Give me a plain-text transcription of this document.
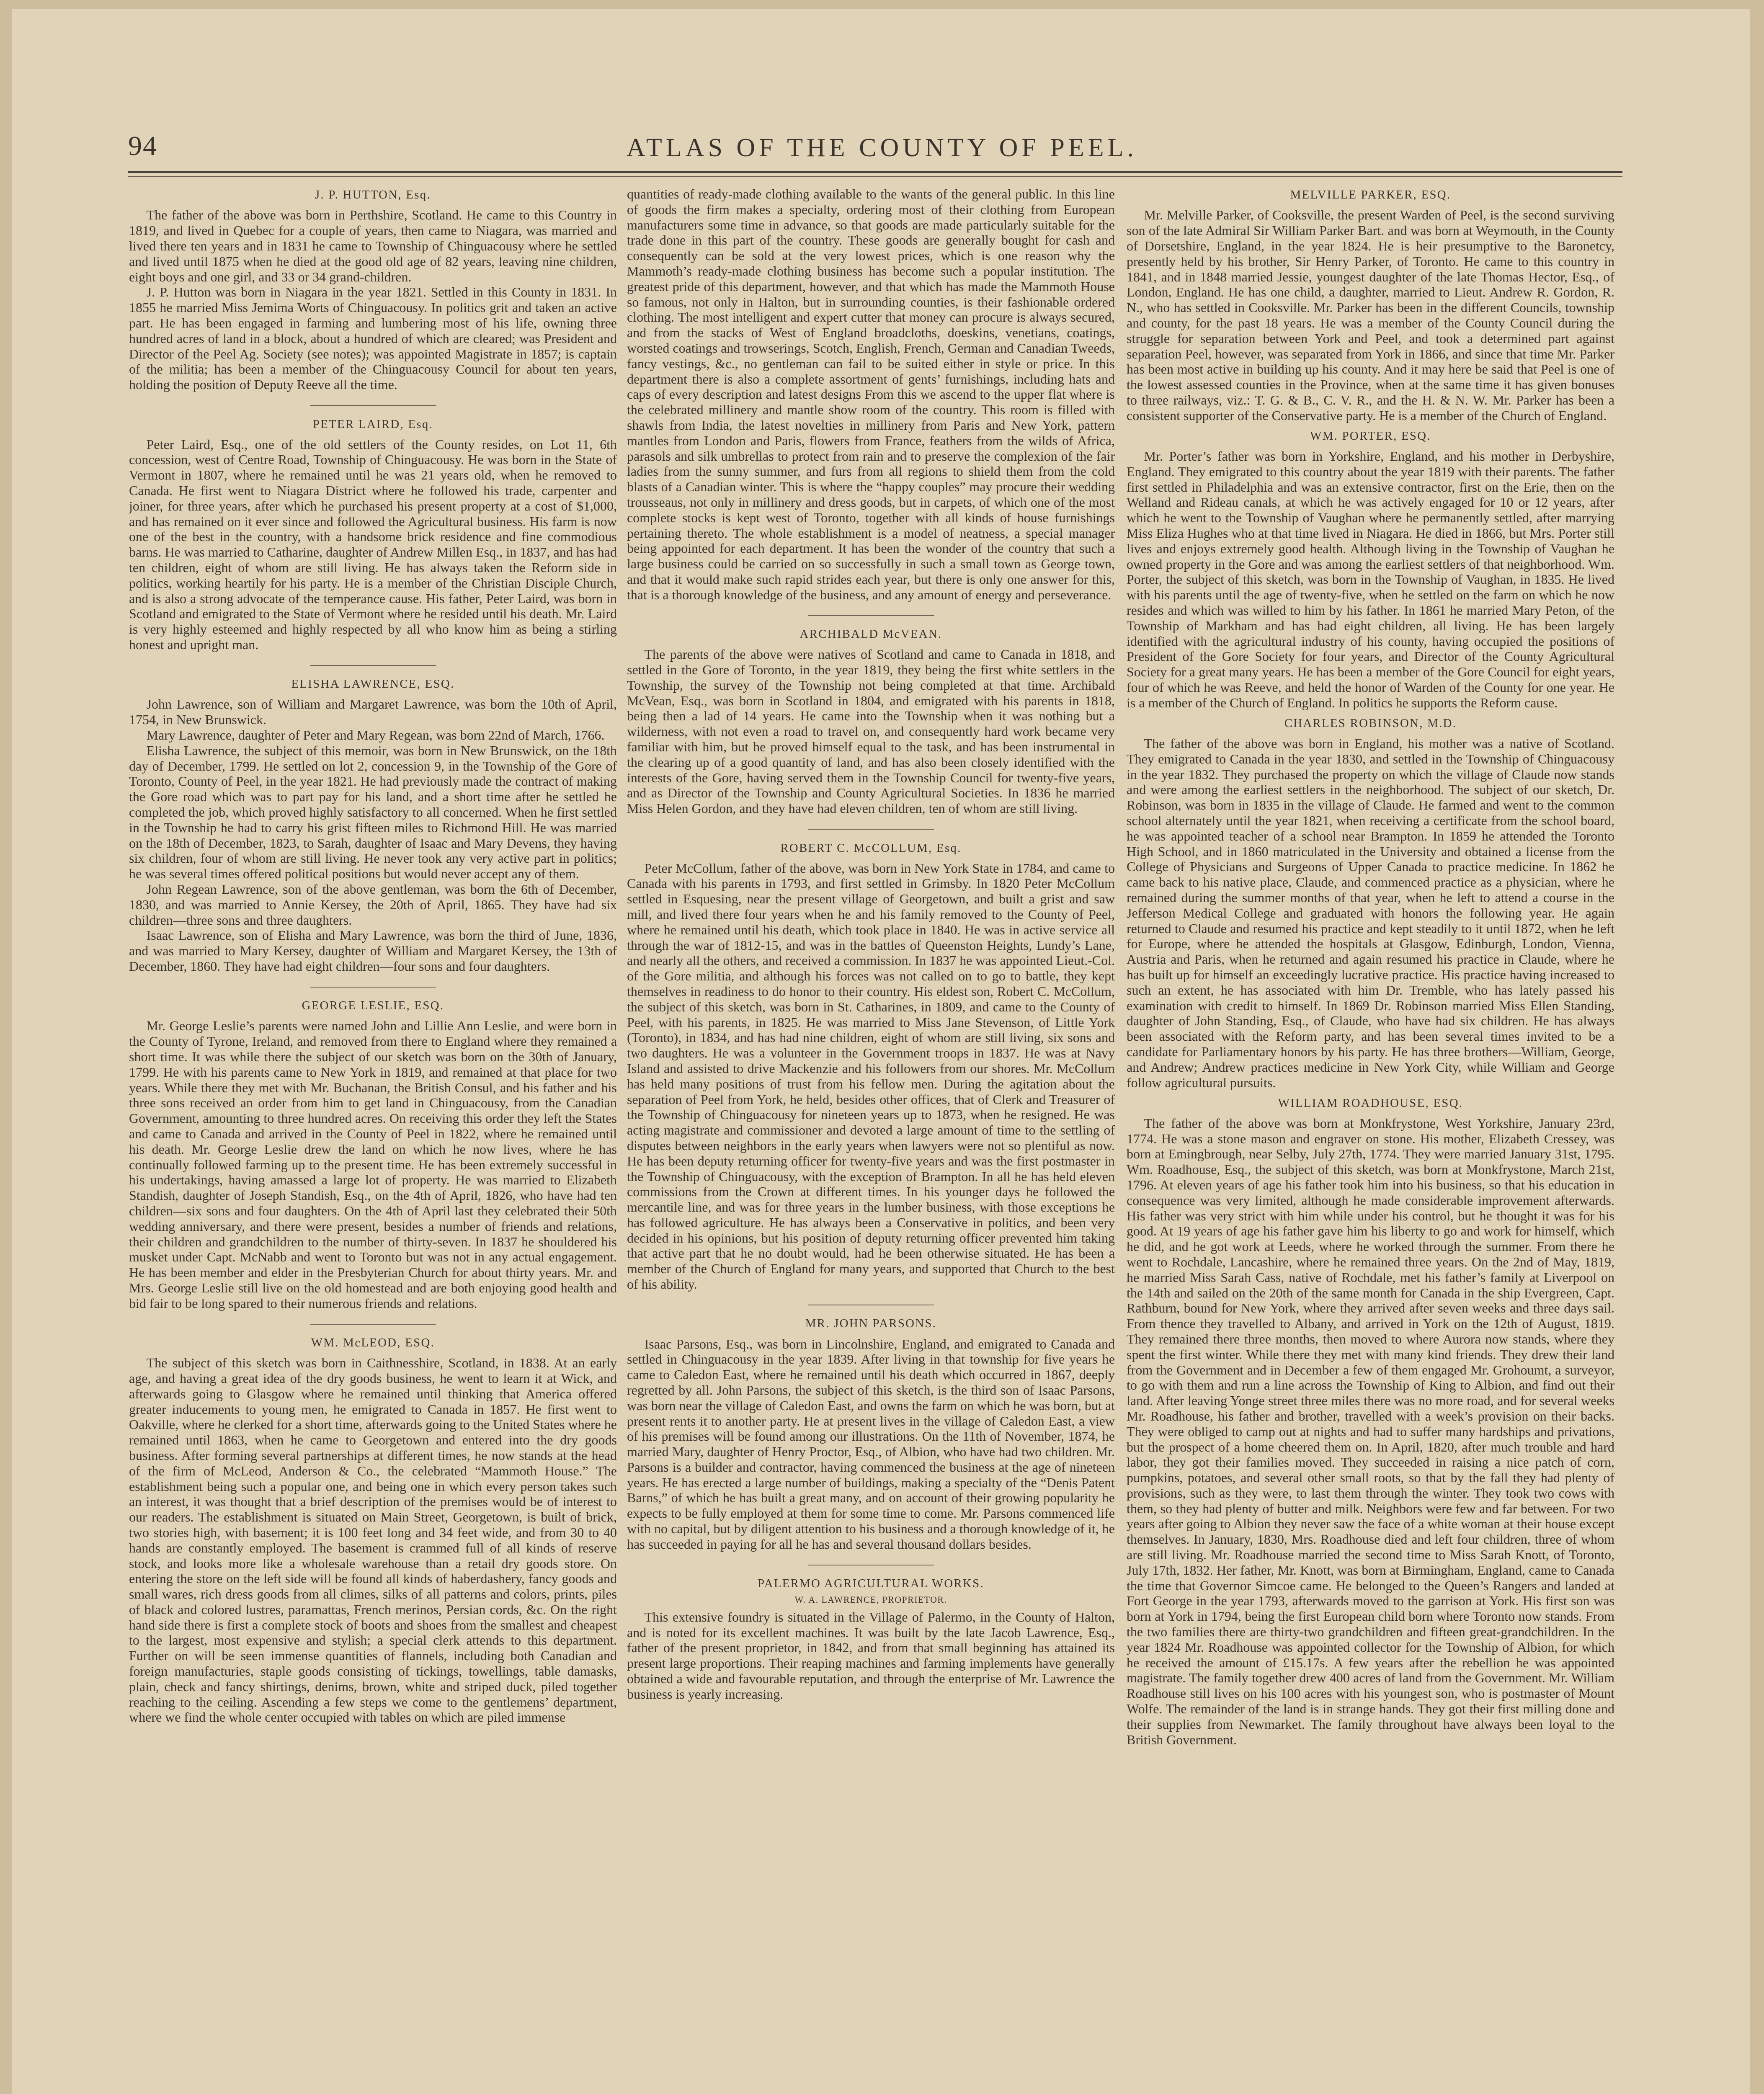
94	ATLAS OF THE COUNTY OF PEEL.
J. P. HUTTON, Esq.

The father of the above was born in Perthshire, Scotland. He came to this Country in 1819, and lived in Quebec for a couple of years, then came to Niagara, was married and lived there ten years and in 1831 he came to Township of Chinguacousy where he settled and lived until 1875 when he died at the good old age of 82 years, leaving nine children, eight boys and one girl, and 33 or 34 grand-children.

J. P. Hutton was born in Niagara in the year 1821. Settled in this County in 1831. In 1855 he married Miss Jemima Worts of Chinguacousy. In politics grit and taken an active part. He has been engaged in farming and lumbering most of his life, owning three hundred acres of land in a block, about a hundred of which are cleared; was President and Director of the Peel Ag. Society (see notes); was appointed Magistrate in 1857; is captain of the militia; has been a member of the Chinguacousy Council for about ten years, holding the position of Deputy Reeve all the time.

PETER LAIRD, Esq.

Peter Laird, Esq., one of the old settlers of the County resides, on Lot 11, 6th concession, west of Centre Road, Township of Chinguacousy. He was born in the State of Vermont in 1807, where he remained until he was 21 years old, when he removed to Canada. He first went to Niagara District where he followed his trade, carpenter and joiner, for three years, after which he purchased his present property at a cost of $1,000, and has remained on it ever since and followed the Agricultural business. His farm is now one of the best in the country, with a handsome brick residence and fine commodious barns. He was married to Catharine, daughter of Andrew Millen Esq., in 1837, and has had ten children, eight of whom are still living. He has always taken the Reform side in politics, working heartily for his party. He is a member of the Christian Disciple Church, and is also a strong advocate of the temperance cause. His father, Peter Laird, was born in Scotland and emigrated to the State of Vermont where he resided until his death. Mr. Laird is very highly esteemed and highly respected by all who know him as being a stirling honest and upright man.

ELISHA LAWRENCE, ESQ.

John Lawrence, son of William and Margaret Lawrence, was born the 10th of April, 1754, in New Brunswick.

Mary Lawrence, daughter of Peter and Mary Regean, was born 22nd of March, 1766.

Elisha Lawrence, the subject of this memoir, was born in New Brunswick, on the 18th day of December, 1799. He settled on lot 2, concession 9, in the Township of the Gore of Toronto, County of Peel, in the year 1821. He had previously made the contract of making the Gore road which was to part pay for his land, and a short time after he settled he completed the job, which proved highly satisfactory to all concerned. When he first settled in the Township he had to carry his grist fifteen miles to Richmond Hill. He was married on the 18th of December, 1823, to Sarah, daughter of Isaac and Mary Devens, they having six children, four of whom are still living. He never took any very active part in politics; he was several times offered political positions but would never accept any of them.

John Regean Lawrence, son of the above gentleman, was born the 6th of December, 1830, and was married to Annie Kersey, the 20th of April, 1865. They have had six children—three sons and three daughters.

Isaac Lawrence, son of Elisha and Mary Lawrence, was born the third of June, 1836, and was married to Mary Kersey, daughter of William and Margaret Kersey, the 13th of December, 1860. They have had eight children—four sons and four daughters.

GEORGE LESLIE, ESQ.

Mr. George Leslie’s parents were named John and Lillie Ann Leslie, and were born in the County of Tyrone, Ireland, and removed from there to England where they remained a short time. It was while there the subject of our sketch was born on the 30th of January, 1799. He with his parents came to New York in 1819, and remained at that place for two years. While there they met with Mr. Buchanan, the British Consul, and his father and his three sons received an order from him to get land in Chinguacousy, from the Canadian Government, amounting to three hundred acres. On receiving this order they left the States and came to Canada and arrived in the County of Peel in 1822, where he remained until his death. Mr. George Leslie drew the land on which he now lives, where he has continually followed farming up to the present time. He has been extremely successful in his undertakings, having amassed a large lot of property. He was married to Elizabeth Standish, daughter of Joseph Standish, Esq., on the 4th of April, 1826, who have had ten children—six sons and four daughters. On the 4th of April last they celebrated their 50th wedding anniversary, and there were present, besides a number of friends and relations, their children and grandchildren to the number of thirty-seven. In 1837 he shouldered his musket under Capt. McNabb and went to Toronto but was not in any actual engagement. He has been member and elder in the Presbyterian Church for about thirty years. Mr. and Mrs. George Leslie still live on the old homestead and are both enjoying good health and bid fair to be long spared to their numerous friends and relations.

WM. McLEOD, ESQ.

The subject of this sketch was born in Caithnesshire, Scotland, in 1838. At an early age, and having a great idea of the dry goods business, he went to learn it at Wick, and afterwards going to Glasgow where he remained until thinking that America offered greater inducements to young men, he emigrated to Canada in 1857. He first went to Oakville, where he clerked for a short time, afterwards going to the United States where he remained until 1863, when he came to Georgetown and entered into the dry goods business. After forming several partnerships at different times, he now stands at the head of the firm of McLeod, Anderson & Co., the celebrated “Mammoth House.” The establishment being such a popular one, and being one in which every person takes such an interest, it was thought that a brief description of the premises would be of interest to our readers. The establishment is situated on Main Street, Georgetown, is built of brick, two stories high, with basement; it is 100 feet long and 34 feet wide, and from 30 to 40 hands are constantly employed. The basement is crammed full of all kinds of reserve stock, and looks more like a wholesale warehouse than a retail dry goods store. On entering the store on the left side will be found all kinds of haberdashery, fancy goods and small wares, rich dress goods from all climes, silks of all patterns and colors, prints, piles of black and colored lustres, paramattas, French merinos, Persian cords, &c. On the right hand side there is first a complete stock of boots and shoes from the smallest and cheapest to the largest, most expensive and stylish; a special clerk attends to this department. Further on will be seen immense quantities of flannels, including both Canadian and foreign manufacturies, staple goods consisting of tickings, towellings, table damasks, plain, check and fancy shirtings, denims, brown, white and striped duck, piled together reaching to the ceiling. Ascending a few steps we come to the gentlemens’ department, where we find the whole center occupied with tables on which are piled immense

quantities of ready-made clothing available to the wants of the general public. In this line of goods the firm makes a specialty, ordering most of their clothing from European manufacturers some time in advance, so that goods are made particularly suitable for the trade done in this part of the country. These goods are generally bought for cash and consequently can be sold at the very lowest prices, which is one reason why the Mammoth’s ready-made clothing business has become such a popular institution. The greatest pride of this department, however, and that which has made the Mammoth House so famous, not only in Halton, but in surrounding counties, is their fashionable ordered clothing. The most intelligent and expert cutter that money can procure is always secured, and from the stacks of West of England broadcloths, doeskins, venetians, coatings, worsted coatings and trowserings, Scotch, English, French, German and Canadian Tweeds, fancy vestings, &c., no gentleman can fail to be suited either in style or price. In this department there is also a complete assortment of gents’ furnishings, including hats and caps of every description and latest designs From this we ascend to the upper flat where is the celebrated millinery and mantle show room of the country. This room is filled with shawls from India, the latest novelties in millinery from Paris and New York, pattern mantles from London and Paris, flowers from France, feathers from the wilds of Africa, parasols and silk umbrellas to protect from rain and to preserve the complexion of the fair ladies from the sunny summer, and furs from all regions to shield them from the cold blasts of a Canadian winter. This is where the “happy couples” may procure their wedding trousseaus, not only in millinery and dress goods, but in carpets, of which one of the most complete stocks is kept west of Toronto, together with all kinds of house furnishings pertaining thereto. The whole establishment is a model of neatness, a special manager being appointed for each department. It has been the wonder of the country that such a large business could be carried on so successfully in such a small town as George town, and that it would make such rapid strides each year, but there is only one answer for this, that is a thorough knowledge of the business, and any amount of energy and perseverance.

ARCHIBALD McVEAN.

The parents of the above were natives of Scotland and came to Canada in 1818, and settled in the Gore of Toronto, in the year 1819, they being the first white settlers in the Township, the survey of the Township not being completed at that time. Archibald McVean, Esq., was born in Scotland in 1804, and emigrated with his parents in 1818, being then a lad of 14 years. He came into the Township when it was nothing but a wilderness, with not even a road to travel on, and consequently hard work became very familiar with him, but he proved himself equal to the task, and has been instrumental in the clearing up of a good quantity of land, and has also been closely identified with the interests of the Gore, having served them in the Township Council for twenty-five years, and as Director of the Township and County Agricultural Societies. In 1836 he married Miss Helen Gordon, and they have had eleven children, ten of whom are still living.

ROBERT C. McCOLLUM, Esq.

Peter McCollum, father of the above, was born in New York State in 1784, and came to Canada with his parents in 1793, and first settled in Grimsby. In 1820 Peter McCollum settled in Esquesing, near the present village of Georgetown, and built a grist and saw mill, and lived there four years when he and his family removed to the County of Peel, where he remained until his death, which took place in 1840. He was in active service all through the war of 1812-15, and was in the battles of Queenston Heights, Lundy’s Lane, and nearly all the others, and received a commission. In 1837 he was appointed Lieut.-Col. of the Gore militia, and although his forces was not called on to go to battle, they kept themselves in readiness to do honor to their country. His eldest son, Robert C. McCollum, the subject of this sketch, was born in St. Catharines, in 1809, and came to the County of Peel, with his parents, in 1825. He was married to Miss Jane Stevenson, of Little York (Toronto), in 1834, and has had nine children, eight of whom are still living, six sons and two daughters. He was a volunteer in the Government troops in 1837. He was at Navy Island and assisted to drive Mackenzie and his followers from our shores. Mr. McCollum has held many positions of trust from his fellow men. During the agitation about the separation of Peel from York, he held, besides other offices, that of Clerk and Treasurer of the Township of Chinguacousy for nineteen years up to 1873, when he resigned. He was acting magistrate and commissioner and devoted a large amount of time to the settling of disputes between neighbors in the early years when lawyers were not so plentiful as now. He has been deputy returning officer for twenty-five years and was the first postmaster in the Township of Chinguacousy, with the exception of Brampton. In all he has held eleven commissions from the Crown at different times. In his younger days he followed the mercantile line, and was for three years in the lumber business, with those exceptions he has followed agriculture. He has always been a Conservative in politics, and been very decided in his opinions, but his position of deputy returning officer prevented him taking that active part that he no doubt would, had he been otherwise situated. He has been a member of the Church of England for many years, and supported that Church to the best of his ability.

MR. JOHN PARSONS.

Isaac Parsons, Esq., was born in Lincolnshire, England, and emigrated to Canada and settled in Chinguacousy in the year 1839. After living in that township for five years he came to Caledon East, where he remained until his death which occurred in 1867, deeply regretted by all. John Parsons, the subject of this sketch, is the third son of Isaac Parsons, was born near the village of Caledon East, and owns the farm on which he was born, but at present rents it to another party. He at present lives in the village of Caledon East, a view of his premises will be found among our illustrations. On the 11th of November, 1874, he married Mary, daughter of Henry Proctor, Esq., of Albion, who have had two children. Mr. Parsons is a builder and contractor, having commenced the business at the age of nineteen years. He has erected a large number of buildings, making a specialty of the “Denis Patent Barns,” of which he has built a great many, and on account of their growing popularity he expects to be fully employed at them for some time to come. Mr. Parsons commenced life with no capital, but by diligent attention to his business and a thorough knowledge of it, he has succeeded in paying for all he has and several thousand dollars besides.

PALERMO AGRICULTURAL WORKS.
W. A. LAWRENCE, PROPRIETOR.

This extensive foundry is situated in the Village of Palermo, in the County of Halton, and is noted for its excellent machines. It was built by the late Jacob Lawrence, Esq., father of the present proprietor, in 1842, and from that small beginning has attained its present large proportions. Their reaping machines and farming implements have generally obtained a wide and favourable reputation, and through the enterprise of Mr. Lawrence the business is yearly increasing.

MELVILLE PARKER, ESQ.

Mr. Melville Parker, of Cooksville, the present Warden of Peel, is the second surviving son of the late Admiral Sir William Parker Bart. and was born at Weymouth, in the County of Dorsetshire, England, in the year 1824. He is heir presumptive to the Baronetcy, presently held by his brother, Sir Henry Parker, of Toronto. He came to this country in 1841, and in 1848 married Jessie, youngest daughter of the late Thomas Hector, Esq., of London, England. He has one child, a daughter, married to Lieut. Andrew R. Gordon, R. N., who has settled in Cooksville. Mr. Parker has been in the different Councils, township and county, for the past 18 years. He was a member of the County Council during the struggle for separation between York and Peel, and took a determined part against separation Peel, however, was separated from York in 1866, and since that time Mr. Parker has been most active in building up his county. And it may here be said that Peel is one of the lowest assessed counties in the Province, when at the same time it has given bonuses to three railways, viz.: T. G. & B., C. V. R., and the H. & N. W. Mr. Parker has been a consistent supporter of the Conservative party. He is a member of the Church of England.

WM. PORTER, ESQ.

Mr. Porter’s father was born in Yorkshire, England, and his mother in Derbyshire, England. They emigrated to this country about the year 1819 with their parents. The father first settled in Philadelphia and was an extensive contractor, first on the Erie, then on the Welland and Rideau canals, at which he was actively engaged for 10 or 12 years, after which he went to the Township of Vaughan where he permanently settled, after marrying Miss Eliza Hughes who at that time lived in Niagara. He died in 1866, but Mrs. Porter still lives and enjoys extremely good health. Although living in the Township of Vaughan he owned property in the Gore and was among the earliest settlers of that neighborhood. Wm. Porter, the subject of this sketch, was born in the Township of Vaughan, in 1835. He lived with his parents until the age of twenty-five, when he settled on the farm on which he now resides and which was willed to him by his father. In 1861 he married Mary Peton, of the Township of Markham and has had eight children, all living. He has been largely identified with the agricultural industry of his county, having occupied the positions of President of the Gore Society for four years, and Director of the County Agricultural Society for a great many years. He has been a member of the Gore Council for eight years, four of which he was Reeve, and held the honor of Warden of the County for one year. He is a member of the Church of England. In politics he supports the Reform cause.

CHARLES ROBINSON, M.D.

The father of the above was born in England, his mother was a native of Scotland. They emigrated to Canada in the year 1830, and settled in the Township of Chinguacousy in the year 1832. They purchased the property on which the village of Claude now stands and were among the earliest settlers in the neighborhood. The subject of our sketch, Dr. Robinson, was born in 1835 in the village of Claude. He farmed and went to the common school alternately until the year 1821, when receiving a certificate from the school board, he was appointed teacher of a school near Brampton. In 1859 he attended the Toronto High School, and in 1860 matriculated in the University and obtained a license from the College of Physicians and Surgeons of Upper Canada to practice medicine. In 1862 he came back to his native place, Claude, and commenced practice as a physician, where he remained during the summer months of that year, when he left to attend a course in the Jefferson Medical College and graduated with honors the following year. He again returned to Claude and resumed his practice and kept steadily to it until 1872, when he left for Europe, where he attended the hospitals at Glasgow, Edinburgh, London, Vienna, Austria and Paris, when he returned and again resumed his practice in Claude, where he has built up for himself an exceedingly lucrative practice. His practice having increased to such an extent, he has associated with him Dr. Tremble, who has lately passed his examination with credit to himself. In 1869 Dr. Robinson married Miss Ellen Standing, daughter of John Standing, Esq., of Claude, who have had six children. He has always been associated with the Reform party, and has been several times invited to be a candidate for Parliamentary honors by his party. He has three brothers—William, George, and Andrew; Andrew practices medicine in New York City, while William and George follow agricultural pursuits.

WILLIAM ROADHOUSE, ESQ.

The father of the above was born at Monkfrystone, West Yorkshire, January 23rd, 1774. He was a stone mason and engraver on stone. His mother, Elizabeth Cressey, was born at Emingbrough, near Selby, July 27th, 1774. They were married January 31st, 1795. Wm. Roadhouse, Esq., the subject of this sketch, was born at Monkfrystone, March 21st, 1796. At eleven years of age his father took him into his business, so that his education in consequence was very limited, although he made considerable improvement afterwards. His father was very strict with him while under his control, but he thought it was for his good. At 19 years of age his father gave him his liberty to go and work for himself, which he did, and he got work at Leeds, where he worked through the summer. From there he went to Rochdale, Lancashire, where he remained three years. On the 2nd of May, 1819, he married Miss Sarah Cass, native of Rochdale, met his father’s family at Liverpool on the 14th and sailed on the 20th of the same month for Canada in the ship Evergreen, Capt. Rathburn, bound for New York, where they arrived after seven weeks and three days sail. From thence they travelled to Albany, and arrived in York on the 12th of August, 1819. They remained there three months, then moved to where Aurora now stands, where they spent the first winter. While there they met with many kind friends. They drew their land from the Government and in December a few of them engaged Mr. Grohoumt, a surveyor, to go with them and run a line across the Township of King to Albion, and find out their land. After leaving Yonge street three miles there was no more road, and for several weeks Mr. Roadhouse, his father and brother, travelled with a week’s provision on their backs. They were obliged to camp out at nights and had to suffer many hardships and privations, but the prospect of a home cheered them on. In April, 1820, after much trouble and hard labor, they got their families moved. They succeeded in raising a nice patch of corn, pumpkins, potatoes, and several other small roots, so that by the fall they had plenty of provisions, such as they were, to last them through the winter. They took two cows with them, so they had plenty of butter and milk. Neighbors were few and far between. For two years after going to Albion they never saw the face of a white woman at their house except themselves. In January, 1830, Mrs. Roadhouse died and left four children, three of whom are still living. Mr. Roadhouse married the second time to Miss Sarah Knott, of Toronto, July 17th, 1832. Her father, Mr. Knott, was born at Birmingham, England, came to Canada the time that Governor Simcoe came. He belonged to the Queen’s Rangers and landed at Fort George in the year 1793, afterwards moved to the garrison at York. His first son was born at York in 1794, being the first European child born where Toronto now stands. From the two families there are thirty-two grandchildren and fifteen great-grandchildren. In the year 1824 Mr. Roadhouse was appointed collector for the Township of Albion, for which he received the amount of £15.17s. A few years after the rebellion he was appointed magistrate. The family together drew 400 acres of land from the Government. Mr. William Roadhouse still lives on his 100 acres with his youngest son, who is postmaster of Mount Wolfe. The remainder of the land is in strange hands. They got their first milling done and their supplies from Newmarket. The family throughout have always been loyal to the British Government.
